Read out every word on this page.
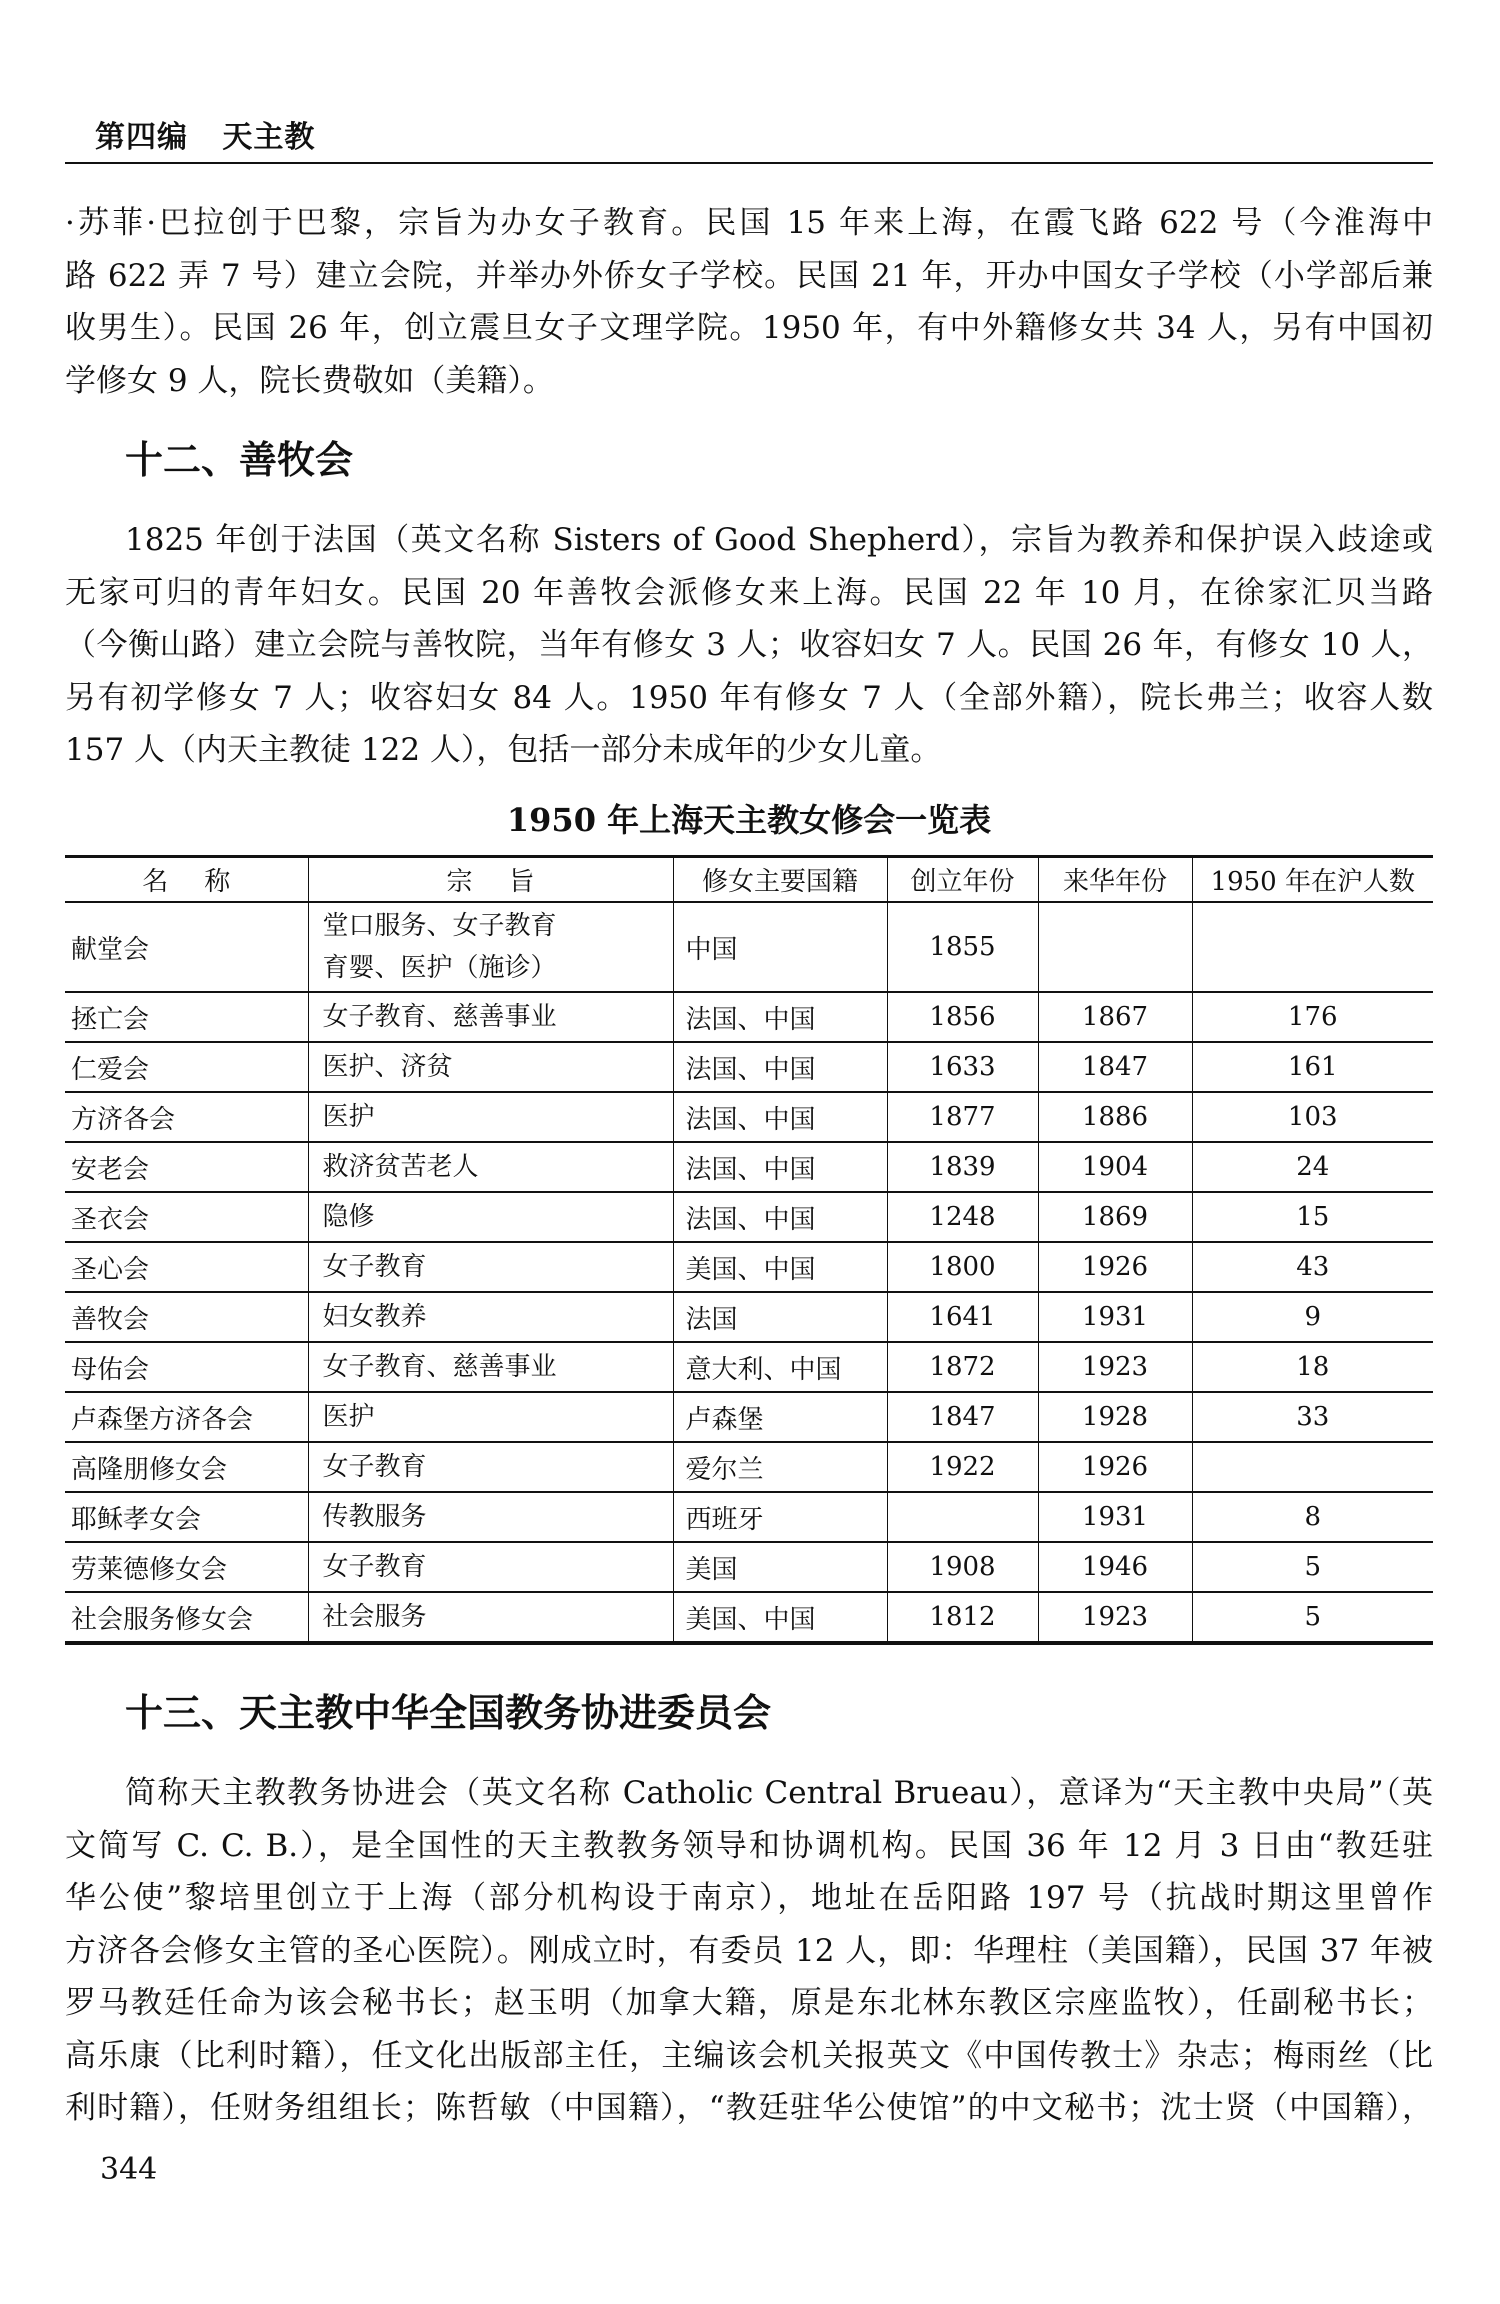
第四编 天主教
·苏菲·巴拉创于巴黎，宗旨为办女子教育。民国 15 年来上海，在霞飞路 622 号（今淮海中
路 622 弄 7 号）建立会院，并举办外侨女子学校。民国 21 年，开办中国女子学校（小学部后兼
收男生）。民国 26 年，创立震旦女子文理学院。1950 年，有中外籍修女共 34 人，另有中国初
学修女 9 人，院长费敬如（美籍）。
十二、善牧会
1825 年创于法国（英文名称 Sisters of Good Shepherd），宗旨为教养和保护误入歧途或
无家可归的青年妇女。民国 20 年善牧会派修女来上海。民国 22 年 10 月，在徐家汇贝当路
（今衡山路）建立会院与善牧院，当年有修女 3 人；收容妇女 7 人。民国 26 年，有修女 10 人，
另有初学修女 7 人；收容妇女 84 人。1950 年有修女 7 人（全部外籍），院长弗兰；收容人数
157 人（内天主教徒 122 人），包括一部分未成年的少女儿童。
1950 年上海天主教女修会一览表
名称	宗旨	修女主要国籍	创立年份	来华年份	1950 年在沪人数
献堂会	堂口服务、女子教育
育婴、医护（施诊）	中国	1855		
拯亡会	女子教育、慈善事业	法国、中国	1856	1867	176
仁爱会	医护、济贫	法国、中国	1633	1847	161
方济各会	医护	法国、中国	1877	1886	103
安老会	救济贫苦老人	法国、中国	1839	1904	24
圣衣会	隐修	法国、中国	1248	1869	15
圣心会	女子教育	美国、中国	1800	1926	43
善牧会	妇女教养	法国	1641	1931	9
母佑会	女子教育、慈善事业	意大利、中国	1872	1923	18
卢森堡方济各会	医护	卢森堡	1847	1928	33
高隆朋修女会	女子教育	爱尔兰	1922	1926	
耶稣孝女会	传教服务	西班牙		1931	8
劳莱德修女会	女子教育	美国	1908	1946	5
社会服务修女会	社会服务	美国、中国	1812	1923	5
十三、天主教中华全国教务协进委员会
简称天主教教务协进会（英文名称 Catholic Central Brueau），意译为“天主教中央局”（英
文简写 C. C. B.），是全国性的天主教教务领导和协调机构。民国 36 年 12 月 3 日由“教廷驻
华公使”黎培里创立于上海（部分机构设于南京），地址在岳阳路 197 号（抗战时期这里曾作
方济各会修女主管的圣心医院）。刚成立时，有委员 12 人，即：华理柱（美国籍），民国 37 年被
罗马教廷任命为该会秘书长；赵玉明（加拿大籍，原是东北林东教区宗座监牧），任副秘书长；
高乐康（比利时籍），任文化出版部主任，主编该会机关报英文《中国传教士》杂志；梅雨丝（比
利时籍），任财务组组长；陈哲敏（中国籍），“教廷驻华公使馆”的中文秘书；沈士贤（中国籍），
344
